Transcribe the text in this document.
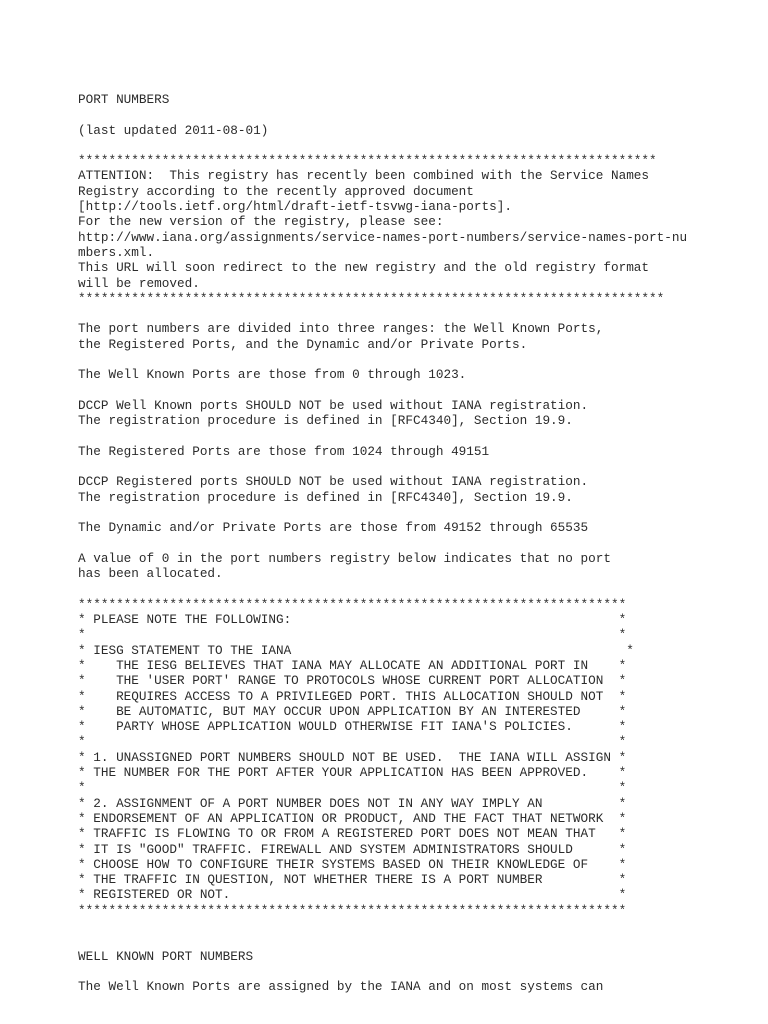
PORT NUMBERS
(last updated 2011-08-01)
****************************************************************************
ATTENTION:  This registry has recently been combined with the Service Names
Registry according to the recently approved document
[http://tools.ietf.org/html/draft-ietf-tsvwg-iana-ports].
For the new version of the registry, please see:
http://www.iana.org/assignments/service-names-port-numbers/service-names-port-nu
mbers.xml.
This URL will soon redirect to the new registry and the old registry format
will be removed.
*****************************************************************************
The port numbers are divided into three ranges: the Well Known Ports,
the Registered Ports, and the Dynamic and/or Private Ports.
The Well Known Ports are those from 0 through 1023.
DCCP Well Known ports SHOULD NOT be used without IANA registration.
The registration procedure is defined in [RFC4340], Section 19.9.
The Registered Ports are those from 1024 through 49151
DCCP Registered ports SHOULD NOT be used without IANA registration.
The registration procedure is defined in [RFC4340], Section 19.9.
The Dynamic and/or Private Ports are those from 49152 through 65535
A value of 0 in the port numbers registry below indicates that no port
has been allocated.
************************************************************************
* PLEASE NOTE THE FOLLOWING:                                           *
*                                                                      *
* IESG STATEMENT TO THE IANA                                            *
*    THE IESG BELIEVES THAT IANA MAY ALLOCATE AN ADDITIONAL PORT IN    *
*    THE 'USER PORT' RANGE TO PROTOCOLS WHOSE CURRENT PORT ALLOCATION  *
*    REQUIRES ACCESS TO A PRIVILEGED PORT. THIS ALLOCATION SHOULD NOT  *
*    BE AUTOMATIC, BUT MAY OCCUR UPON APPLICATION BY AN INTERESTED     *
*    PARTY WHOSE APPLICATION WOULD OTHERWISE FIT IANA'S POLICIES.      *
*                                                                      *
* 1. UNASSIGNED PORT NUMBERS SHOULD NOT BE USED.  THE IANA WILL ASSIGN *
* THE NUMBER FOR THE PORT AFTER YOUR APPLICATION HAS BEEN APPROVED.    *
*                                                                      *
* 2. ASSIGNMENT OF A PORT NUMBER DOES NOT IN ANY WAY IMPLY AN          *
* ENDORSEMENT OF AN APPLICATION OR PRODUCT, AND THE FACT THAT NETWORK  *
* TRAFFIC IS FLOWING TO OR FROM A REGISTERED PORT DOES NOT MEAN THAT   *
* IT IS "GOOD" TRAFFIC. FIREWALL AND SYSTEM ADMINISTRATORS SHOULD      *
* CHOOSE HOW TO CONFIGURE THEIR SYSTEMS BASED ON THEIR KNOWLEDGE OF    *
* THE TRAFFIC IN QUESTION, NOT WHETHER THERE IS A PORT NUMBER          *
* REGISTERED OR NOT.                                                   *
************************************************************************
WELL KNOWN PORT NUMBERS
The Well Known Ports are assigned by the IANA and on most systems can
